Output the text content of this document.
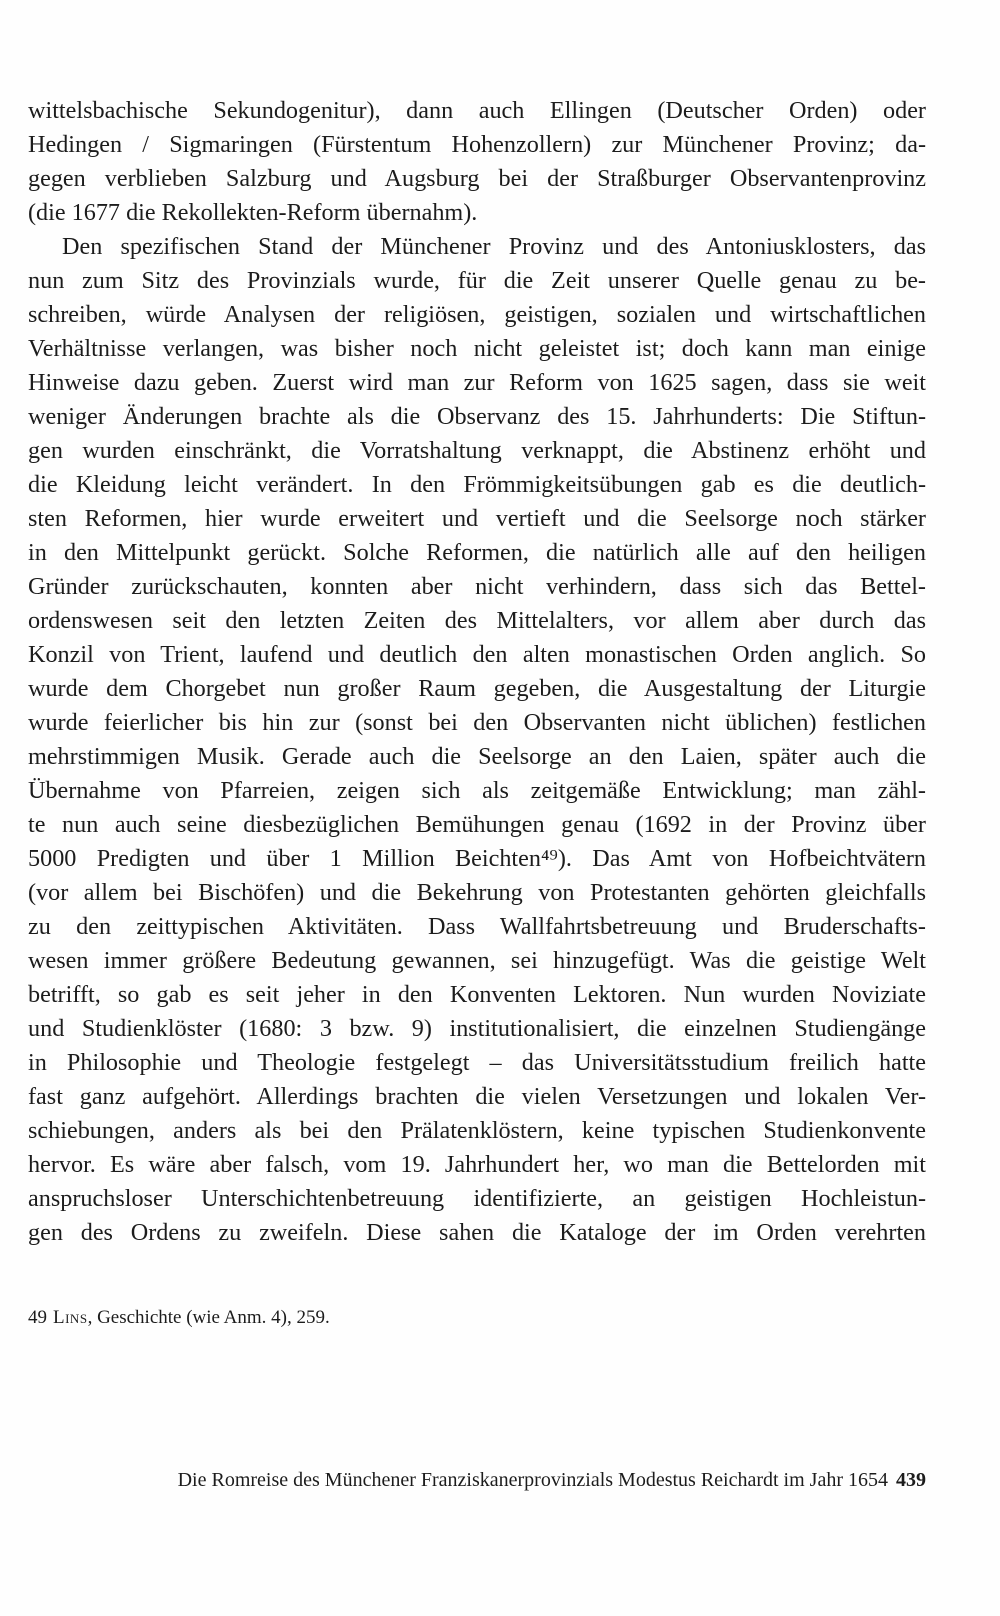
wittelsbachische Sekundogenitur), dann auch Ellingen (Deutscher Orden) oder
Hedingen / Sigmaringen (Fürstentum Hohenzollern) zur Münchener Provinz; da-
gegen verblieben Salzburg und Augsburg bei der Straßburger Observantenprovinz
(die 1677 die Rekollekten-Reform übernahm).
Den spezifischen Stand der Münchener Provinz und des Antoniusklosters, das
nun zum Sitz des Provinzials wurde, für die Zeit unserer Quelle genau zu be-
schreiben, würde Analysen der religiösen, geistigen, sozialen und wirtschaftlichen
Verhältnisse verlangen, was bisher noch nicht geleistet ist; doch kann man einige
Hinweise dazu geben. Zuerst wird man zur Reform von 1625 sagen, dass sie weit
weniger Änderungen brachte als die Observanz des 15. Jahrhunderts: Die Stiftun-
gen wurden einschränkt, die Vorratshaltung verknappt, die Abstinenz erhöht und
die Kleidung leicht verändert. In den Frömmigkeitsübungen gab es die deutlich-
sten Reformen, hier wurde erweitert und vertieft und die Seelsorge noch stärker
in den Mittelpunkt gerückt. Solche Reformen, die natürlich alle auf den heiligen
Gründer zurückschauten, konnten aber nicht verhindern, dass sich das Bettel-
ordenswesen seit den letzten Zeiten des Mittelalters, vor allem aber durch das
Konzil von Trient, laufend und deutlich den alten monastischen Orden anglich. So
wurde dem Chorgebet nun großer Raum gegeben, die Ausgestaltung der Liturgie
wurde feierlicher bis hin zur (sonst bei den Observanten nicht üblichen) festlichen
mehrstimmigen Musik. Gerade auch die Seelsorge an den Laien, später auch die
Übernahme von Pfarreien, zeigen sich als zeitgemäße Entwicklung; man zähl-
te nun auch seine diesbezüglichen Bemühungen genau (1692 in der Provinz über
5000 Predigten und über 1 Million Beichten⁴⁹). Das Amt von Hofbeichtvätern
(vor allem bei Bischöfen) und die Bekehrung von Protestanten gehörten gleichfalls
zu den zeittypischen Aktivitäten. Dass Wallfahrtsbetreuung und Bruderschafts-
wesen immer größere Bedeutung gewannen, sei hinzugefügt. Was die geistige Welt
betrifft, so gab es seit jeher in den Konventen Lektoren. Nun wurden Noviziate
und Studienklöster (1680: 3 bzw. 9) institutionalisiert, die einzelnen Studiengänge
in Philosophie und Theologie festgelegt – das Universitätsstudium freilich hatte
fast ganz aufgehört. Allerdings brachten die vielen Versetzungen und lokalen Ver-
schiebungen, anders als bei den Prälatenklöstern, keine typischen Studienkonvente
hervor. Es wäre aber falsch, vom 19. Jahrhundert her, wo man die Bettelorden mit
anspruchsloser Unterschichtenbetreuung identifizierte, an geistigen Hochleistun-
gen des Ordens zu zweifeln. Diese sahen die Kataloge der im Orden verehrten
49 Lins, Geschichte (wie Anm. 4), 259.
Die Romreise des Münchener Franziskanerprovinzials Modestus Reichardt im Jahr 1654 439
